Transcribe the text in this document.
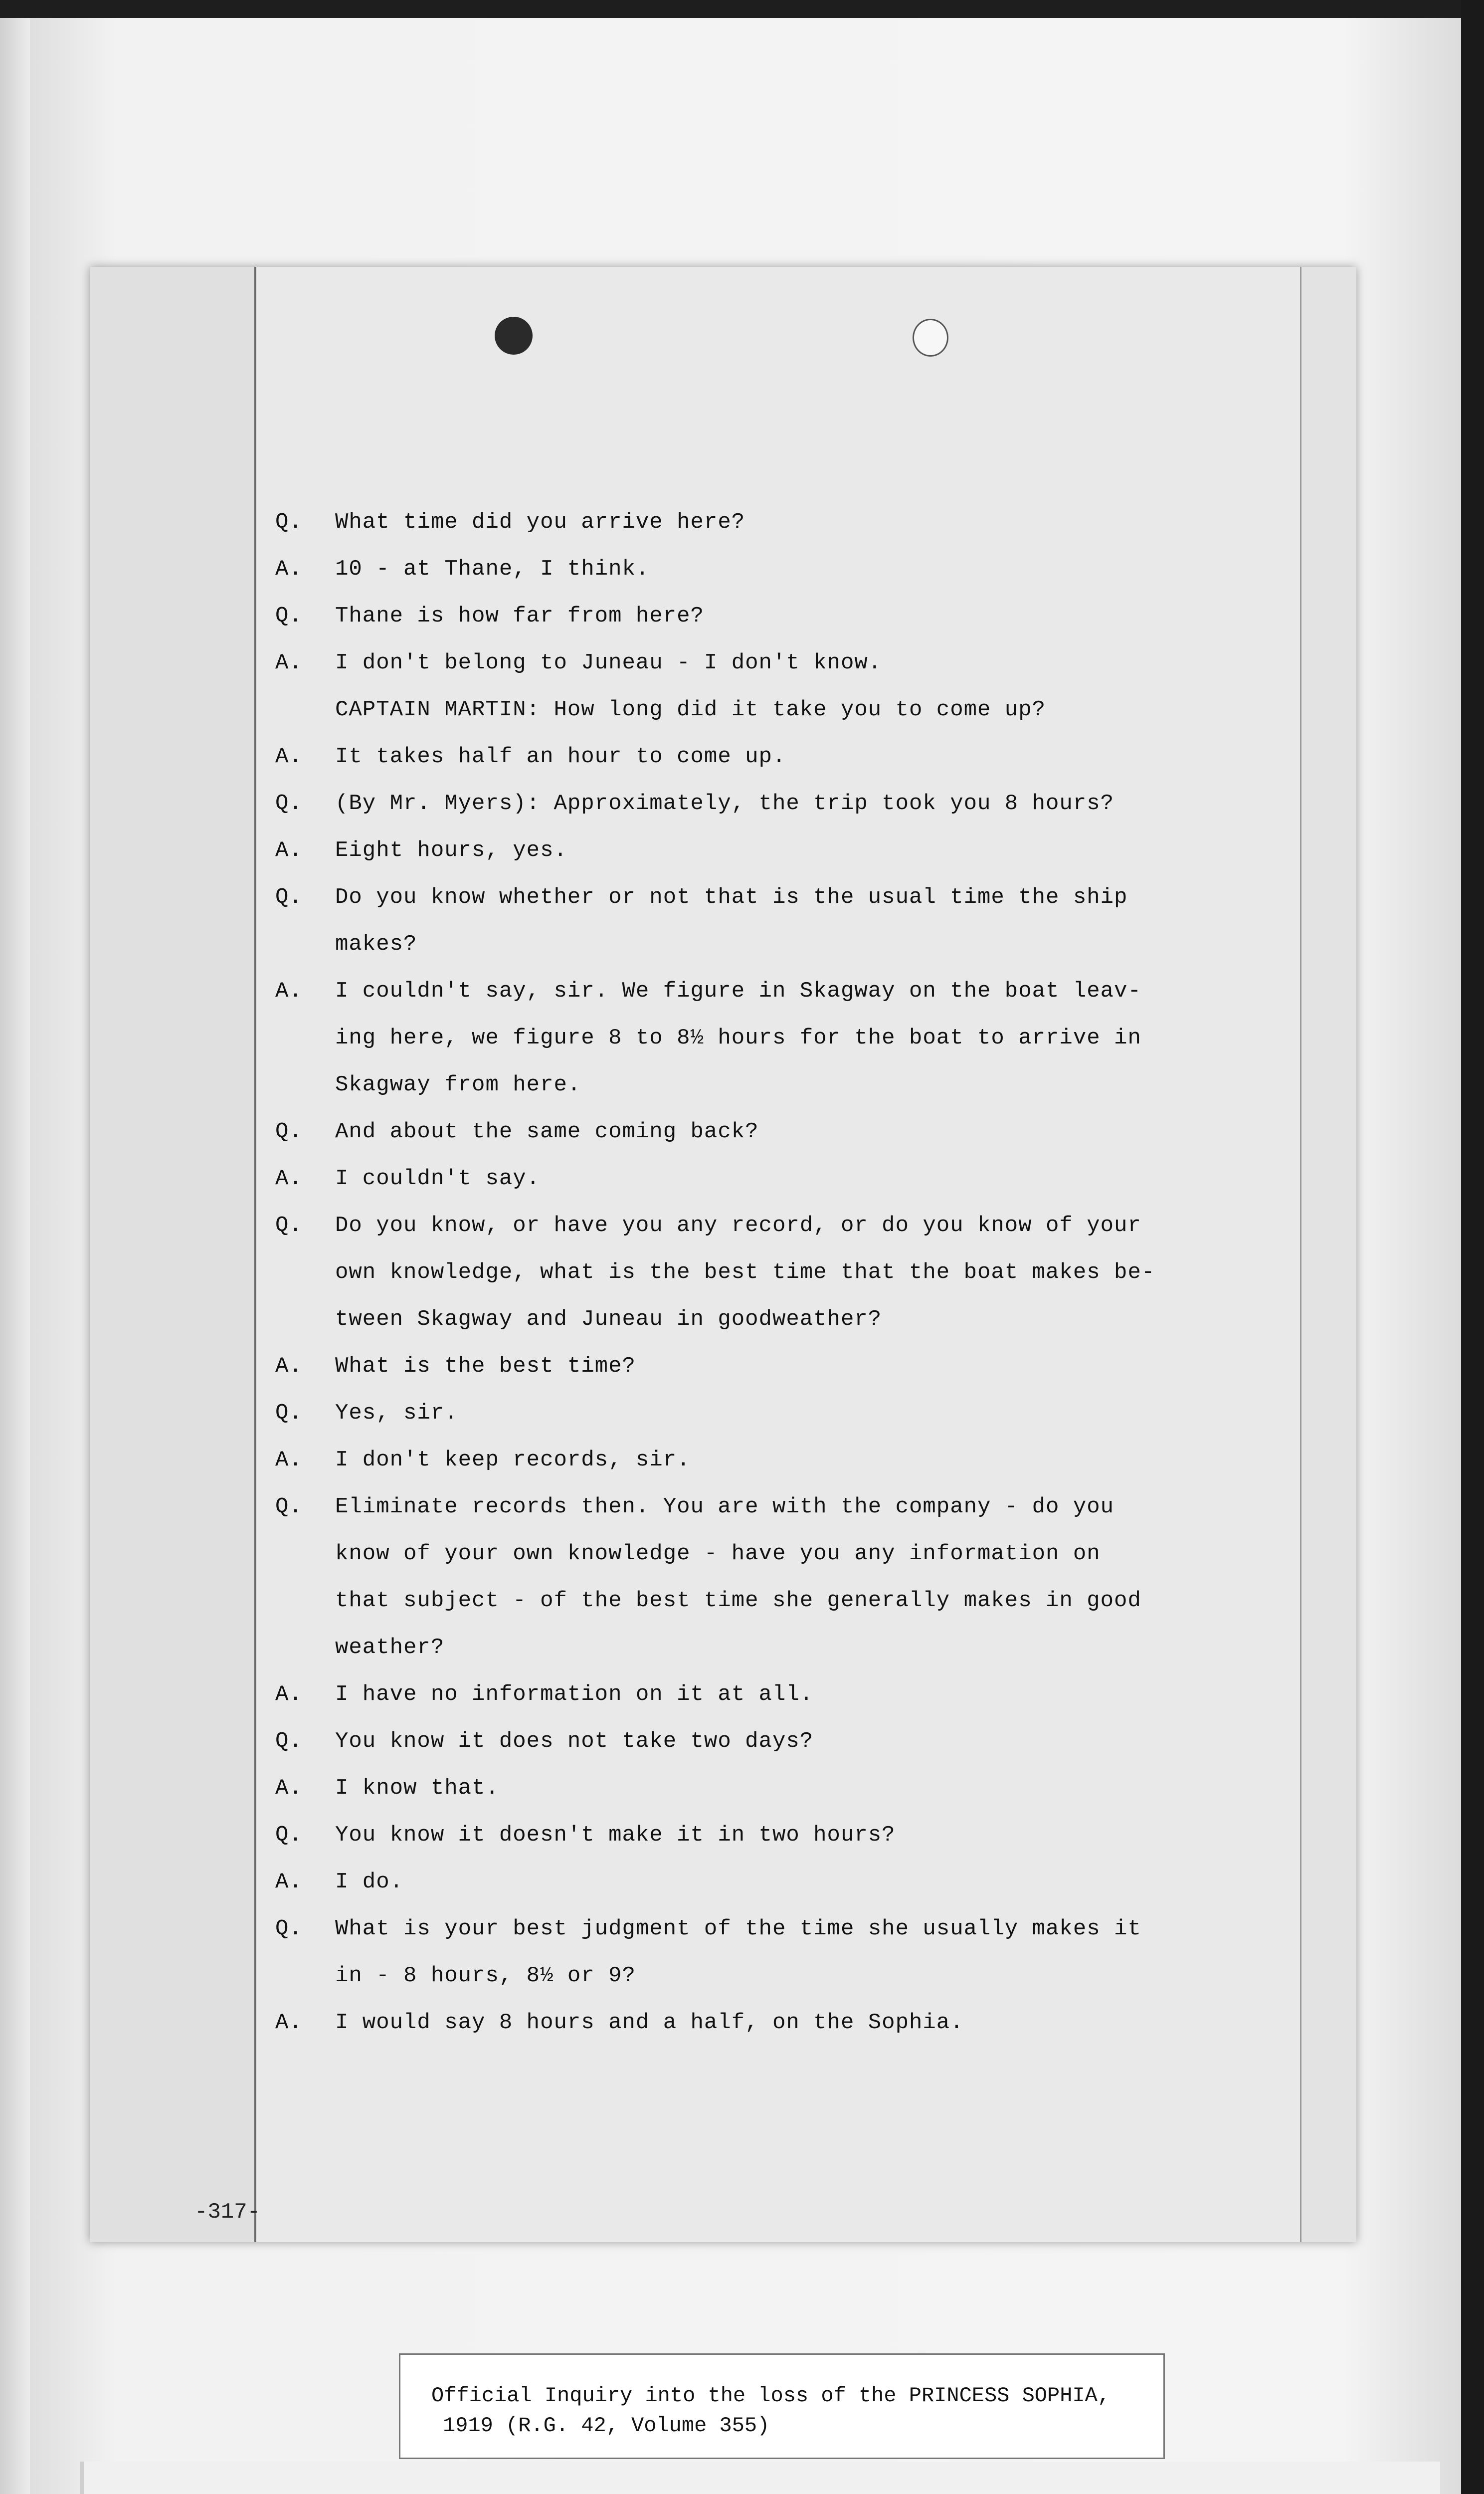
Q.	What time did you arrive here?
A.	10 - at Thane, I think.
Q.	Thane is how far from here?
A.	I don't belong to Juneau - I don't know.
CAPTAIN MARTIN: How long did it take you to come up?
A.	It takes half an hour to come up.
Q.	(By Mr. Myers): Approximately, the trip took you 8 hours?
A.	Eight hours, yes.
Q.	Do you know whether or not that is the usual time the ship
makes?
A.	I couldn't say, sir. We figure in Skagway on the boat leav-
ing here, we figure 8 to 8½ hours for the boat to arrive in
Skagway from here.
Q.	And about the same coming back?
A.	I couldn't say.
Q.	Do you know, or have you any record, or do you know of your
own knowledge, what is the best time that the boat makes be-
tween Skagway and Juneau in goodweather?
A.	What is the best time?
Q.	Yes, sir.
A.	I don't keep records, sir.
Q.	Eliminate records then. You are with the company - do you
know of your own knowledge - have you any information on
that subject - of the best time she generally makes in good
weather?
A.	I have no information on it at all.
Q.	You know it does not take two days?
A.	I know that.
Q.	You know it doesn't make it in two hours?
A.	I do.
Q.	What is your best judgment of the time she usually makes it
in - 8 hours, 8½ or 9?
A.	I would say 8 hours and a half, on the Sophia.
-317-
Official Inquiry into the loss of the PRINCESS SOPHIA,
1919 (R.G. 42, Volume 355)
